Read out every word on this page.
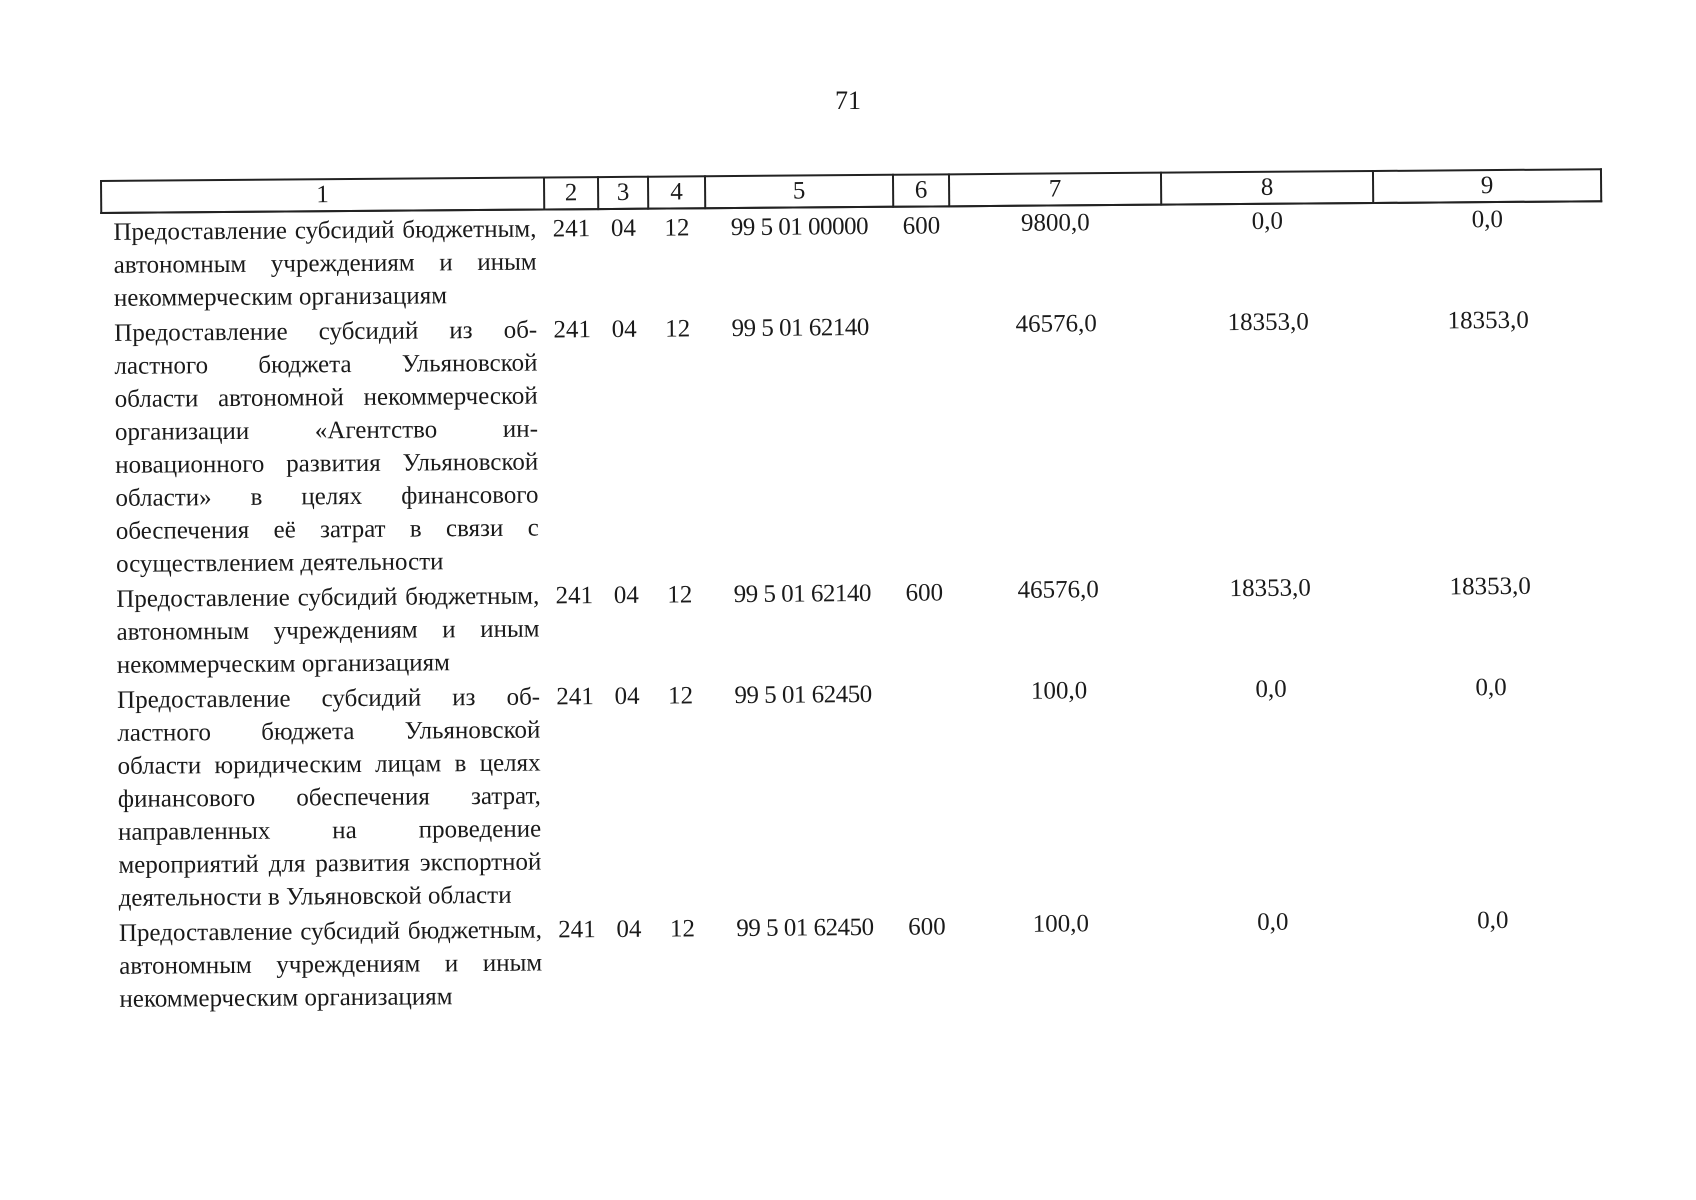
71
1	2	3	4	5	6	7	8	9
Предоставление субсидий бюджетным, автономным учреждениям и иным некоммерческим организациям	241	04	12	99 5 01 00000	600	9800,0	0,0	0,0
Предоставление субсидий из областного бюджета Ульяновской области автономной некоммерческой организации «Агентство инновационного развития Ульяновской области» в целях финансового обеспечения её затрат в связи с осуществлением деятельности	241	04	12	99 5 01 62140		46576,0	18353,0	18353,0
Предоставление субсидий бюджетным, автономным учреждениям и иным некоммерческим организациям	241	04	12	99 5 01 62140	600	46576,0	18353,0	18353,0
Предоставление субсидий из областного бюджета Ульяновской области юридическим лицам в целях финансового обеспечения затрат, направленных на проведение мероприятий для развития экспортной деятельности в Ульяновской области	241	04	12	99 5 01 62450		100,0	0,0	0,0
Предоставление субсидий бюджетным, автономным учреждениям и иным некоммерческим организациям	241	04	12	99 5 01 62450	600	100,0	0,0	0,0
